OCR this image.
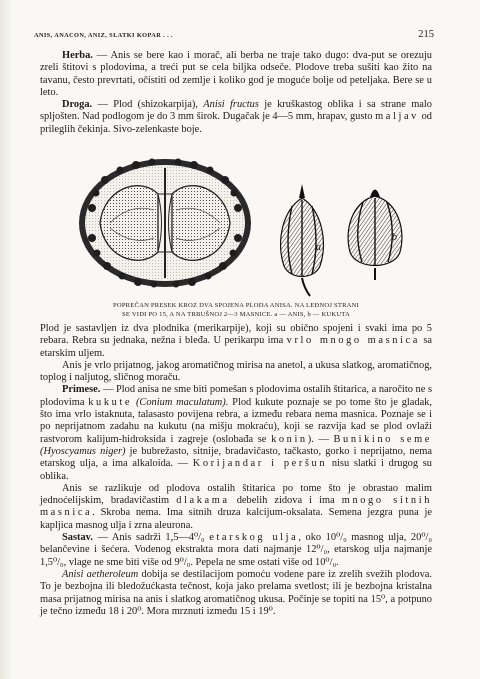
ANIS, ANACON, ANIZ, SLATKI KOPAR . . .	215

Herba. — Anis se bere kao i morač, ali berba ne traje tako dugo: dva-put se orezuju zreli štitovi s plodovima, a treći put se cela biljka odseče. Plodove treba sušiti kao žito na tavanu, često prevrtati, očistiti od zemlje i koliko god je moguće bolje od peteljaka. Bere se u leto.

Droga. — Plod (shizokarpija), Anisi fructus je kruškastog oblika i sa strane malo spljošten. Nad podlogom je do 3 mm širok. Dugačak je 4—5 mm, hrapav, gusto maljav od prileglih čekinja. Sivo-zelenkaste boje.

a
b
POPREČAN PRESEK KROZ DVA SPOJENA PLODA ANISA. NA LEĐNOJ STRANI
SE VIDI PO 15, A NA TRBUŠNOJ 2—3 MASNICE. a — ANIS, b — KUKUTA

Plod je sastavljen iz dva plodnika (merikarpije), koji su obično spojeni i svaki ima po 5 rebara. Rebra su jednaka, nežna i bleđa. U perikarpu ima vrlo mnogo masnica sa etarskim uljem.

Anis je vrlo prijatnog, jakog aromatičnog mirisa na anetol, a ukusa slatkog, aromatičnog, toplog i naljutog, sličnog moraču.

Primese. — Plod anisa ne sme biti pomešan s plodovima ostalih štitarica, a naročito ne s plodovima kukute (Conium maculatum). Plod kukute poznaje se po tome što je gladak, što ima vrlo istaknuta, talasasto povijena rebra, a između rebara nema masnica. Poznaje se i po neprijatnom zadahu na kukutu (na mišju mokraću), koji se razvija kad se plod ovlaži rastvorom kalijum-hidroksida i zagreje (oslobađa se konin). — Bunikino seme (Hyoscyamus niger) je bubrežasto, sitnije, bradavičasto, tačkasto, gorko i neprijatno, nema etarskog ulja, a ima alkaloida. — Korijandar i peršun nisu slatki i drugog su oblika.

Anis se razlikuje od plodova ostalih štitarica po tome što je obrastao malim jednoćelijskim, bradavičastim dlakama debelih zidova i ima mnogo sitnih masnica. Skroba nema. Ima sitnih druza kalcijum-oksalata. Semena jezgra puna je kapljica masnog ulja i zrna aleurona.

Sastav. — Anis sadrži 1,5—4⁰/₀ etarskog ulja, oko 10⁰/₀ masnog ulja, 20⁰/₀ belančevine i šećera. Vodenog ekstrakta mora dati najmanje 12⁰/₀, etarskog ulja najmanje 1,5⁰/₀, vlage ne sme biti više od 9⁰/₀. Pepela ne sme ostati više od 10⁰/₀.

Anisi aetheroleum dobija se destilacijom pomoću vodene pare iz zrelih svežih plodova. To je bezbojna ili bledožućkasta tečnost, koja jako prelama svetlost; ili je bezbojna kristalna masa prijatnog mirisa na anis i slatkog aromatičnog ukusa. Počinje se topiti na 15⁰, a potpuno je tečno između 18 i 20⁰. Mora mrznuti između 15 i 19⁰.
